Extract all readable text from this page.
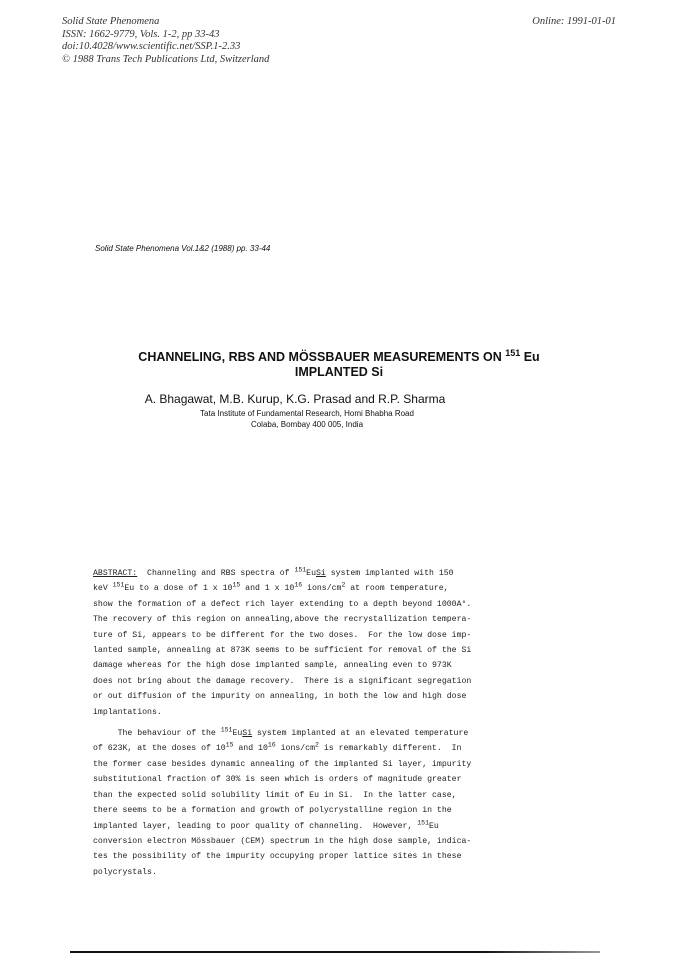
Solid State Phenomena
ISSN: 1662-9779, Vols. 1-2, pp 33-43
doi:10.4028/www.scientific.net/SSP.1-2.33
© 1988 Trans Tech Publications Ltd, Switzerland
Online: 1991-01-01
Solid State Phenomena Vol.1&2 (1988) pp. 33-44
CHANNELING, RBS AND MÖSSBAUER MEASUREMENTS ON $^{151}$ Eu
IMPLANTED Si
A. Bhagawat, M.B. Kurup, K.G. Prasad and R.P. Sharma
Tata Institute of Fundamental Research, Homi Bhabha Road
Colaba, Bombay 400 005, India
ABSTRACT:  Channeling and RBS spectra of $^{151}$EuSi system implanted with 150
keV $^{151}$Eu to a dose of 1 x $10^{15}$ and 1 x $10^{16}$ ions/$cm^2$ at room temperature,
show the formation of a defect rich layer extending to a depth beyond 1000A°.
The recovery of this region on annealing,above the recrystallization tempera-
ture of Si, appears to be different for the two doses.  For the low dose imp-
lanted sample, annealing at 873K seems to be sufficient for removal of the Si
damage whereas for the high dose implanted sample, annealing even to 973K
does not bring about the damage recovery.  There is a significant segregation
or out diffusion of the impurity on annealing, in both the low and high dose
implantations.
The behaviour of the $^{151}$EuSi system implanted at an elevated temperature
of 623K, at the doses of $10^{15}$ and $10^{16}$ ions/$cm^2$ is remarkably different.  In
the former case besides dynamic annealing of the implanted Si layer, impurity
substitutional fraction of 30% is seen which is orders of magnitude greater
than the expected solid solubility limit of Eu in Si.  In the latter case,
there seems to be a formation and growth of polycrystalline region in the
implanted layer, leading to poor quality of channeling.  However, $^{151}$Eu
conversion electron Mössbauer (CEM) spectrum in the high dose sample, indica-
tes the possibility of the impurity occupying proper lattice sites in these
polycrystals.
